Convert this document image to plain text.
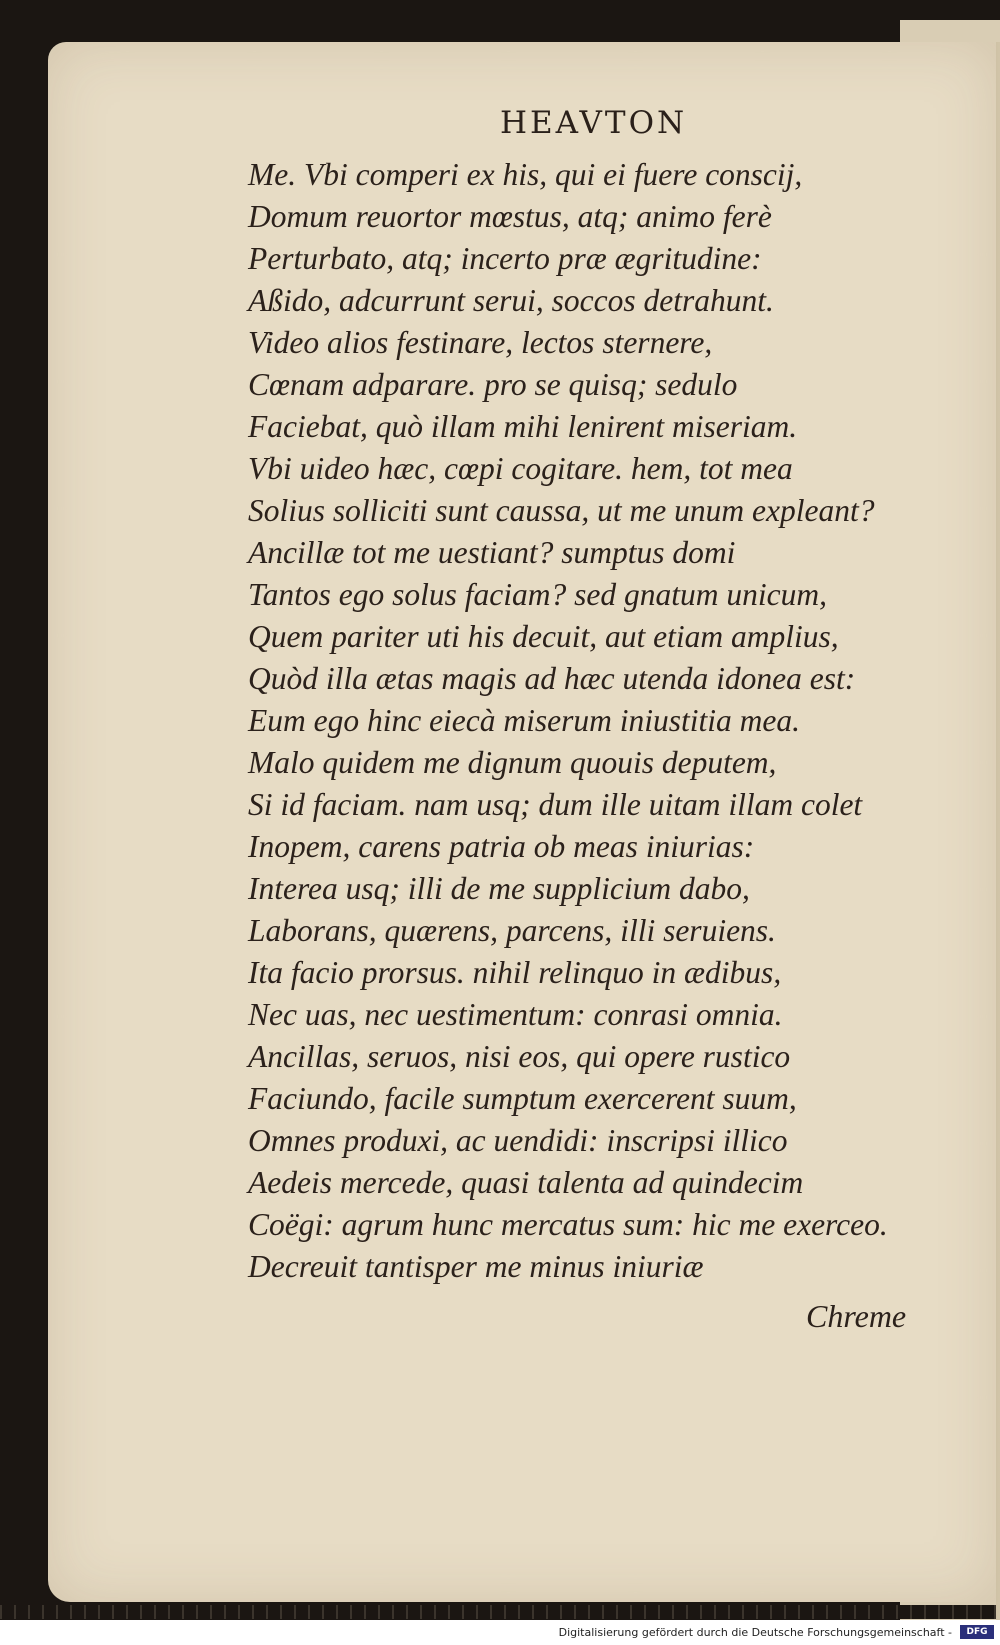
HEAVTON
Me. Vbi comperi ex his, qui ei fuere conscij,
Domum reuortor mœstus, atq; animo ferè
Perturbato, atq; incerto præ ægritudine:
Aßido, adcurrunt serui, soccos detrahunt.
Video alios festinare, lectos sternere,
Cœnam adparare. pro se quisq; sedulo
Faciebat, quò illam mihi lenirent miseriam.
Vbi uideo hæc, cœpi cogitare. hem, tot mea
Solius solliciti sunt caussa, ut me unum expleant?
Ancillæ tot me uestiant? sumptus domi
Tantos ego solus faciam? sed gnatum unicum,
Quem pariter uti his decuit, aut etiam amplius,
Quòd illa ætas magis ad hæc utenda idonea est:
Eum ego hinc eiecà miserum iniustitia mea.
Malo quidem me dignum quouis deputem,
Si id faciam. nam usq; dum ille uitam illam colet
Inopem, carens patria ob meas iniurias:
Interea usq; illi de me supplicium dabo,
Laborans, quærens, parcens, illi seruiens.
Ita facio prorsus. nihil relinquo in ædibus,
Nec uas, nec uestimentum: conrasi omnia.
Ancillas, seruos, nisi eos, qui opere rustico
Faciundo, facile sumptum exercerent suum,
Omnes produxi, ac uendidi: inscripsi illico
Aedeis mercede, quasi talenta ad quindecim
Coëgi: agrum hunc mercatus sum: hic me exerceo.
Decreuit tantisper me minus iniuriæ
Chreme
Digitalisierung gefördert durch die Deutsche Forschungsgemeinschaft -	DFG
